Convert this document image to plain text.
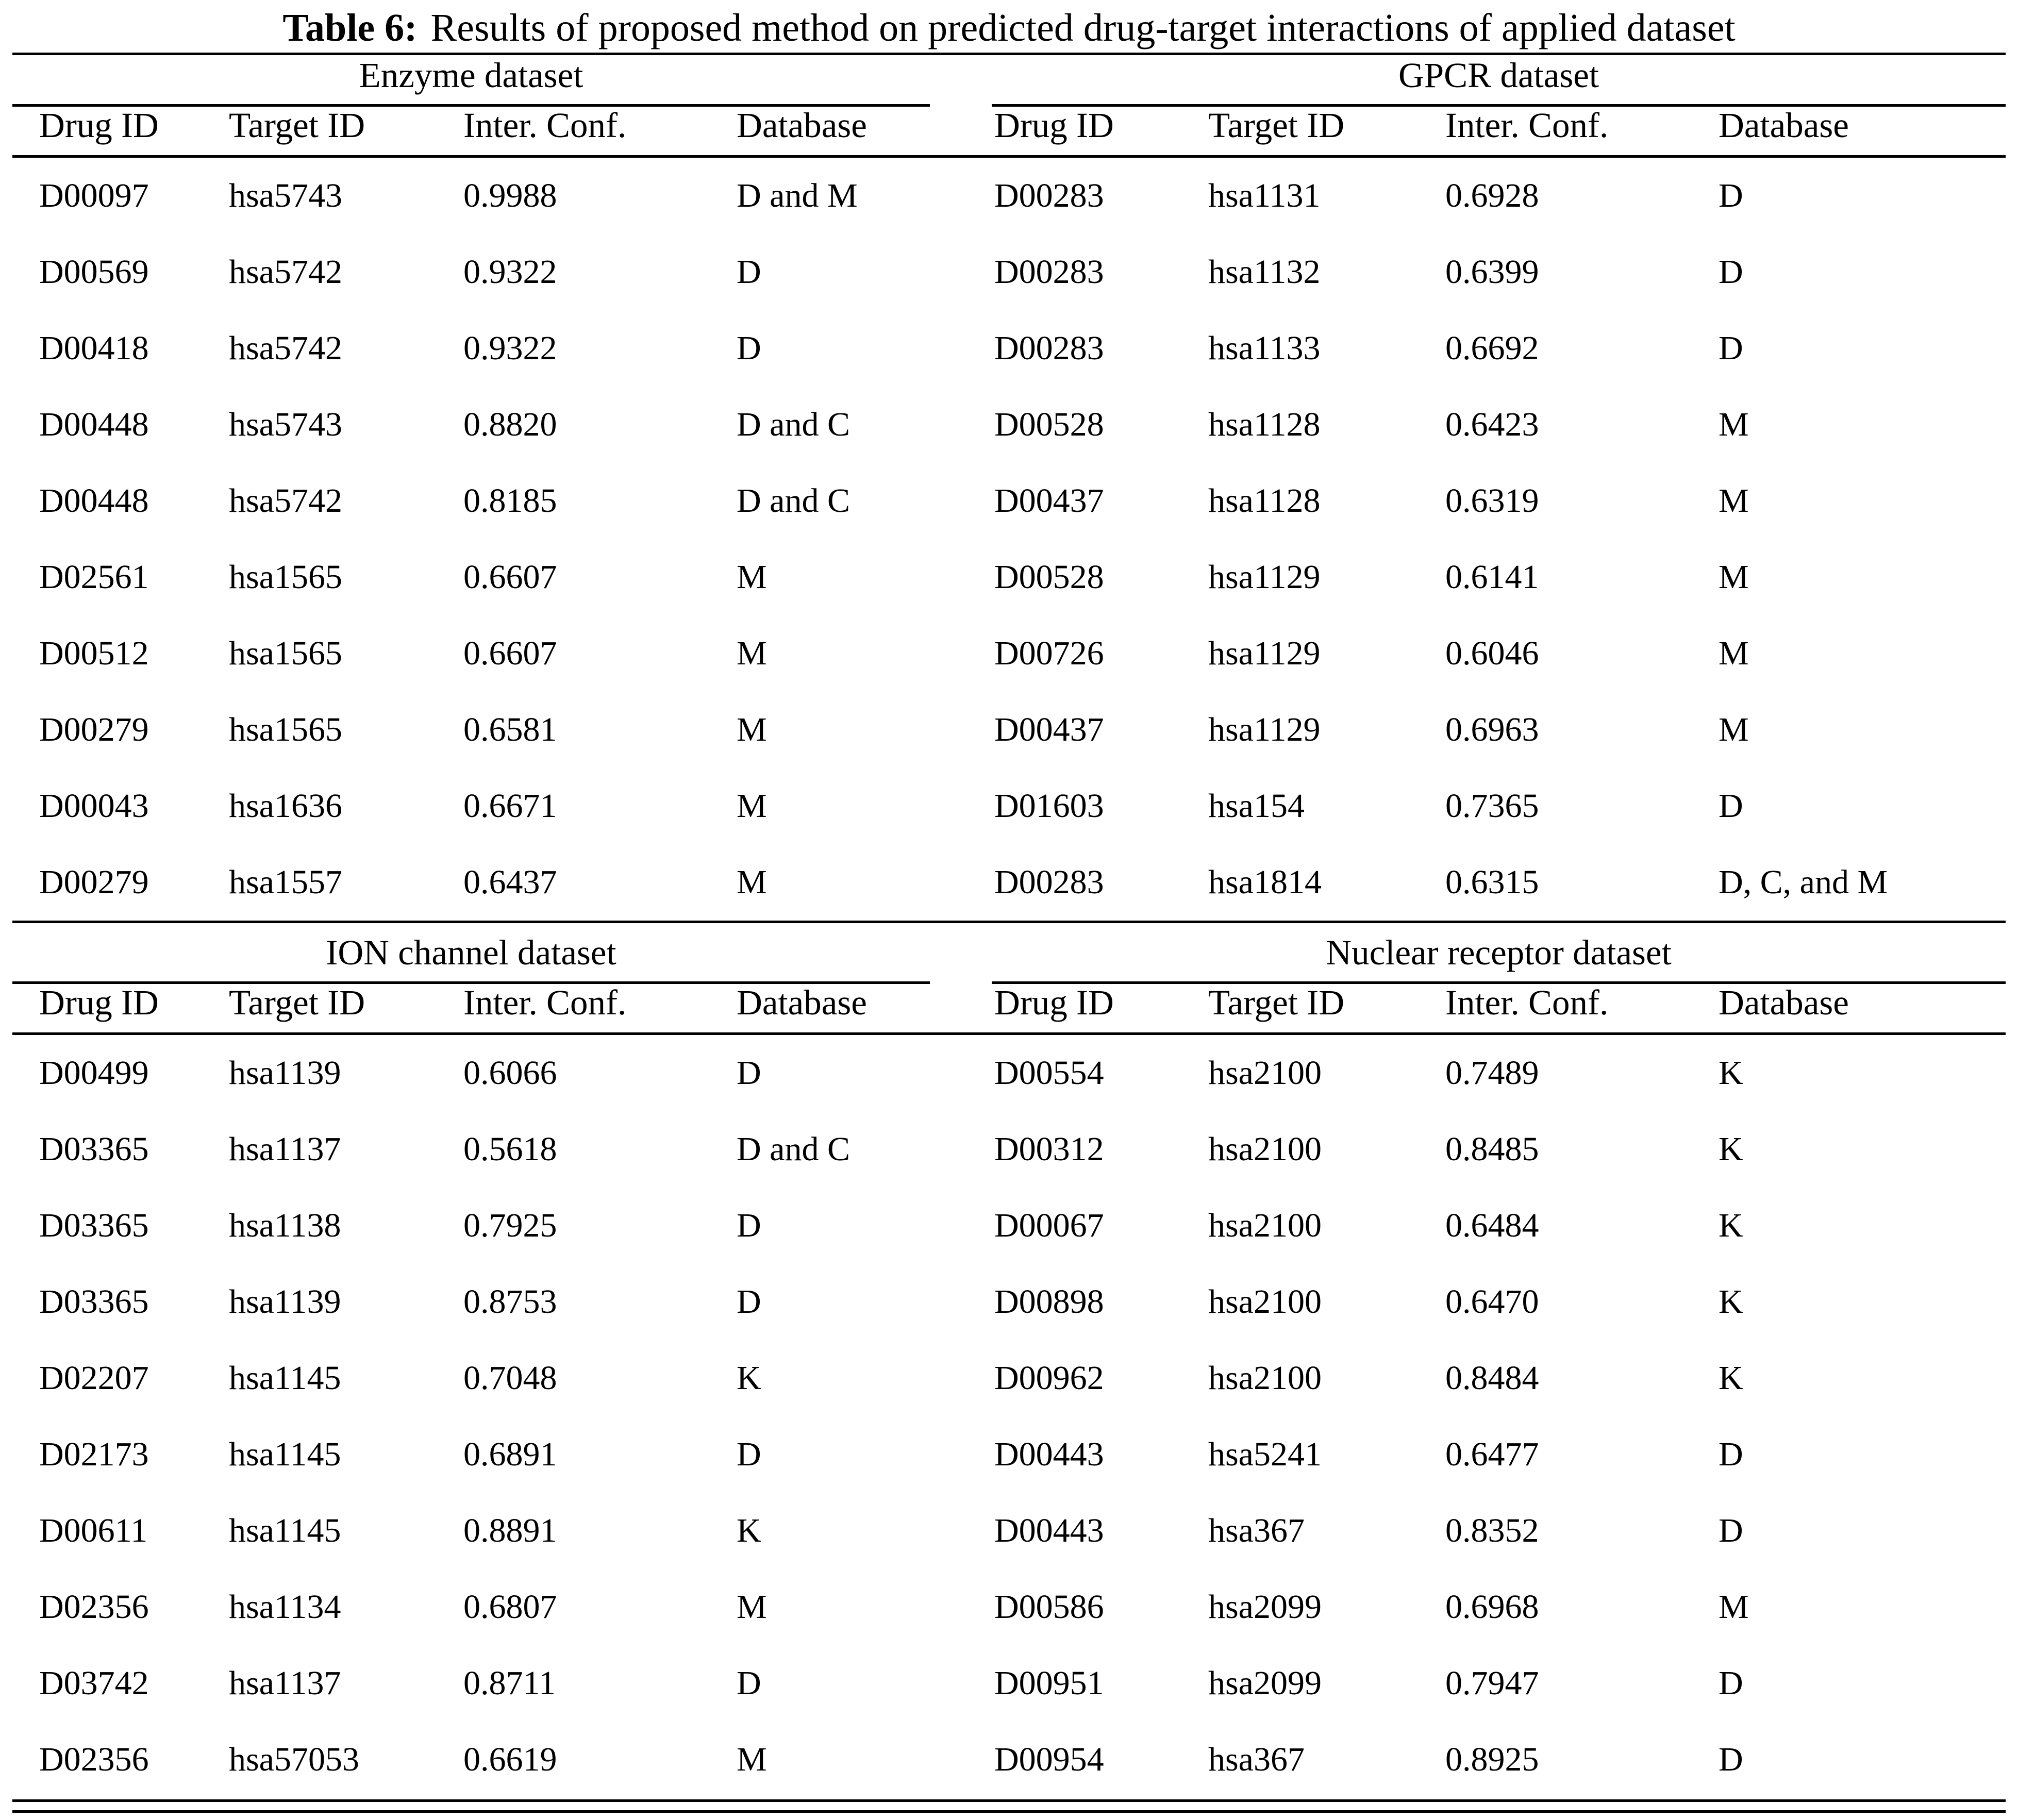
Table 6: Results of proposed method on predicted drug-target interactions of applied dataset
Enzyme dataset	GPCR dataset
Drug ID	Target ID	Inter. Conf.	Database	Drug ID	Target ID	Inter. Conf.	Database
D00097	hsa5743	0.9988	D and M
D00569	hsa5742	0.9322	D
D00418	hsa5742	0.9322	D
D00448	hsa5743	0.8820	D and C
D00448	hsa5742	0.8185	D and C
D02561	hsa1565	0.6607	M
D00512	hsa1565	0.6607	M
D00279	hsa1565	0.6581	M
D00043	hsa1636	0.6671	M
D00279	hsa1557	0.6437	M
D00283	hsa1131	0.6928	D
D00283	hsa1132	0.6399	D
D00283	hsa1133	0.6692	D
D00528	hsa1128	0.6423	M
D00437	hsa1128	0.6319	M
D00528	hsa1129	0.6141	M
D00726	hsa1129	0.6046	M
D00437	hsa1129	0.6963	M
D01603	hsa154	0.7365	D
D00283	hsa1814	0.6315	D, C, and M
ION channel dataset	Nuclear receptor dataset
Drug ID	Target ID	Inter. Conf.	Database	Drug ID	Target ID	Inter. Conf.	Database
D00499	hsa1139	0.6066	D
D03365	hsa1137	0.5618	D and C
D03365	hsa1138	0.7925	D
D03365	hsa1139	0.8753	D
D02207	hsa1145	0.7048	K
D02173	hsa1145	0.6891	D
D00611	hsa1145	0.8891	K
D02356	hsa1134	0.6807	M
D03742	hsa1137	0.8711	D
D02356	hsa57053	0.6619	M
D00554	hsa2100	0.7489	K
D00312	hsa2100	0.8485	K
D00067	hsa2100	0.6484	K
D00898	hsa2100	0.6470	K
D00962	hsa2100	0.8484	K
D00443	hsa5241	0.6477	D
D00443	hsa367	0.8352	D
D00586	hsa2099	0.6968	M
D00951	hsa2099	0.7947	D
D00954	hsa367	0.8925	D
